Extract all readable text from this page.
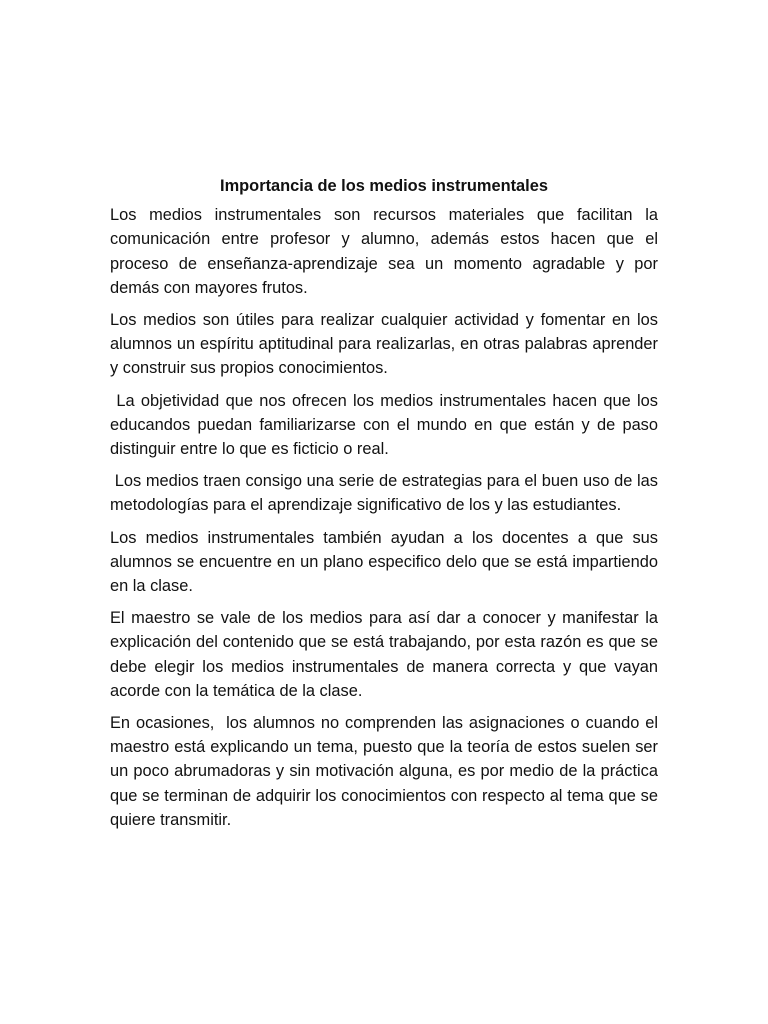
Importancia de los medios instrumentales

Los medios instrumentales son recursos materiales que facilitan la comunicación entre profesor y alumno, además estos hacen que el proceso de enseñanza-aprendizaje sea un momento agradable y por demás con mayores frutos.

Los medios son útiles para realizar cualquier actividad y fomentar en los alumnos un espíritu aptitudinal para realizarlas, en otras palabras aprender y construir sus propios conocimientos.

La objetividad que nos ofrecen los medios instrumentales hacen que los educandos puedan familiarizarse con el mundo en que están y de paso distinguir entre lo que es ficticio o real.

Los medios traen consigo una serie de estrategias para el buen uso de las metodologías para el aprendizaje significativo de los y las estudiantes.

Los medios instrumentales también ayudan a los docentes a que sus alumnos se encuentre en un plano especifico delo que se está impartiendo en la clase.

El maestro se vale de los medios para así dar a conocer y manifestar la explicación del contenido que se está trabajando, por esta razón es que se debe elegir los medios instrumentales de manera correcta y que vayan acorde con la temática de la clase.

En ocasiones,  los alumnos no comprenden las asignaciones o cuando el maestro está explicando un tema, puesto que la teoría de estos suelen ser un poco abrumadoras y sin motivación alguna, es por medio de la práctica que se terminan de adquirir los conocimientos con respecto al tema que se quiere transmitir.
